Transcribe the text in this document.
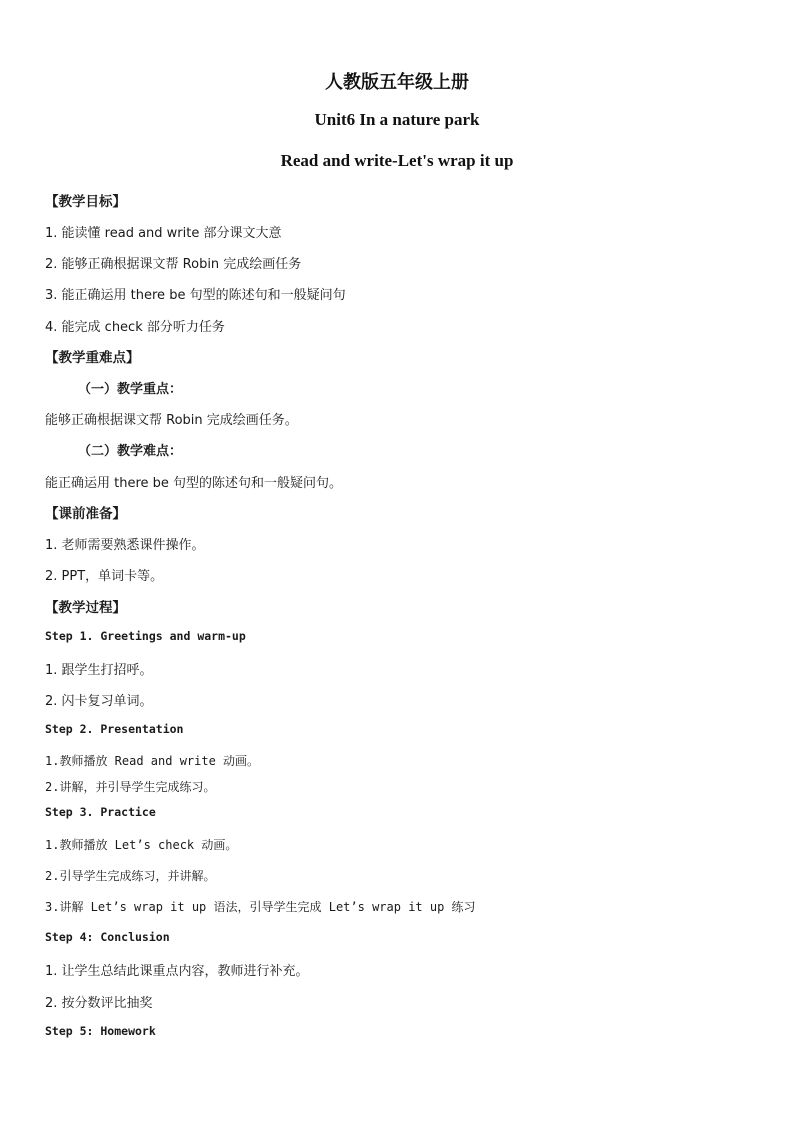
人教版五年级上册
Unit6 In a nature park
Read and write-Let's wrap it up
【教学目标】
1. 能读懂 read and write 部分课文大意
2. 能够正确根据课文帮 Robin 完成绘画任务
3. 能正确运用 there be 句型的陈述句和一般疑问句
4. 能完成 check 部分听力任务
【教学重难点】
（一）教学重点：
能够正确根据课文帮 Robin 完成绘画任务。
（二）教学难点：
能正确运用 there be 句型的陈述句和一般疑问句。
【课前准备】
1. 老师需要熟悉课件操作。
2. PPT，单词卡等。
【教学过程】
Step 1. Greetings and warm-up
1. 跟学生打招呼。
2. 闪卡复习单词。
Step 2. Presentation
1.教师播放 Read and write 动画。
2.讲解，并引导学生完成练习。
Step 3. Practice
1.教师播放 Let’s check 动画。
2.引导学生完成练习，并讲解。
3.讲解 Let’s wrap it up 语法，引导学生完成 Let’s wrap it up 练习
Step 4: Conclusion
1. 让学生总结此课重点内容，教师进行补充。
2. 按分数评比抽奖
Step 5: Homework
